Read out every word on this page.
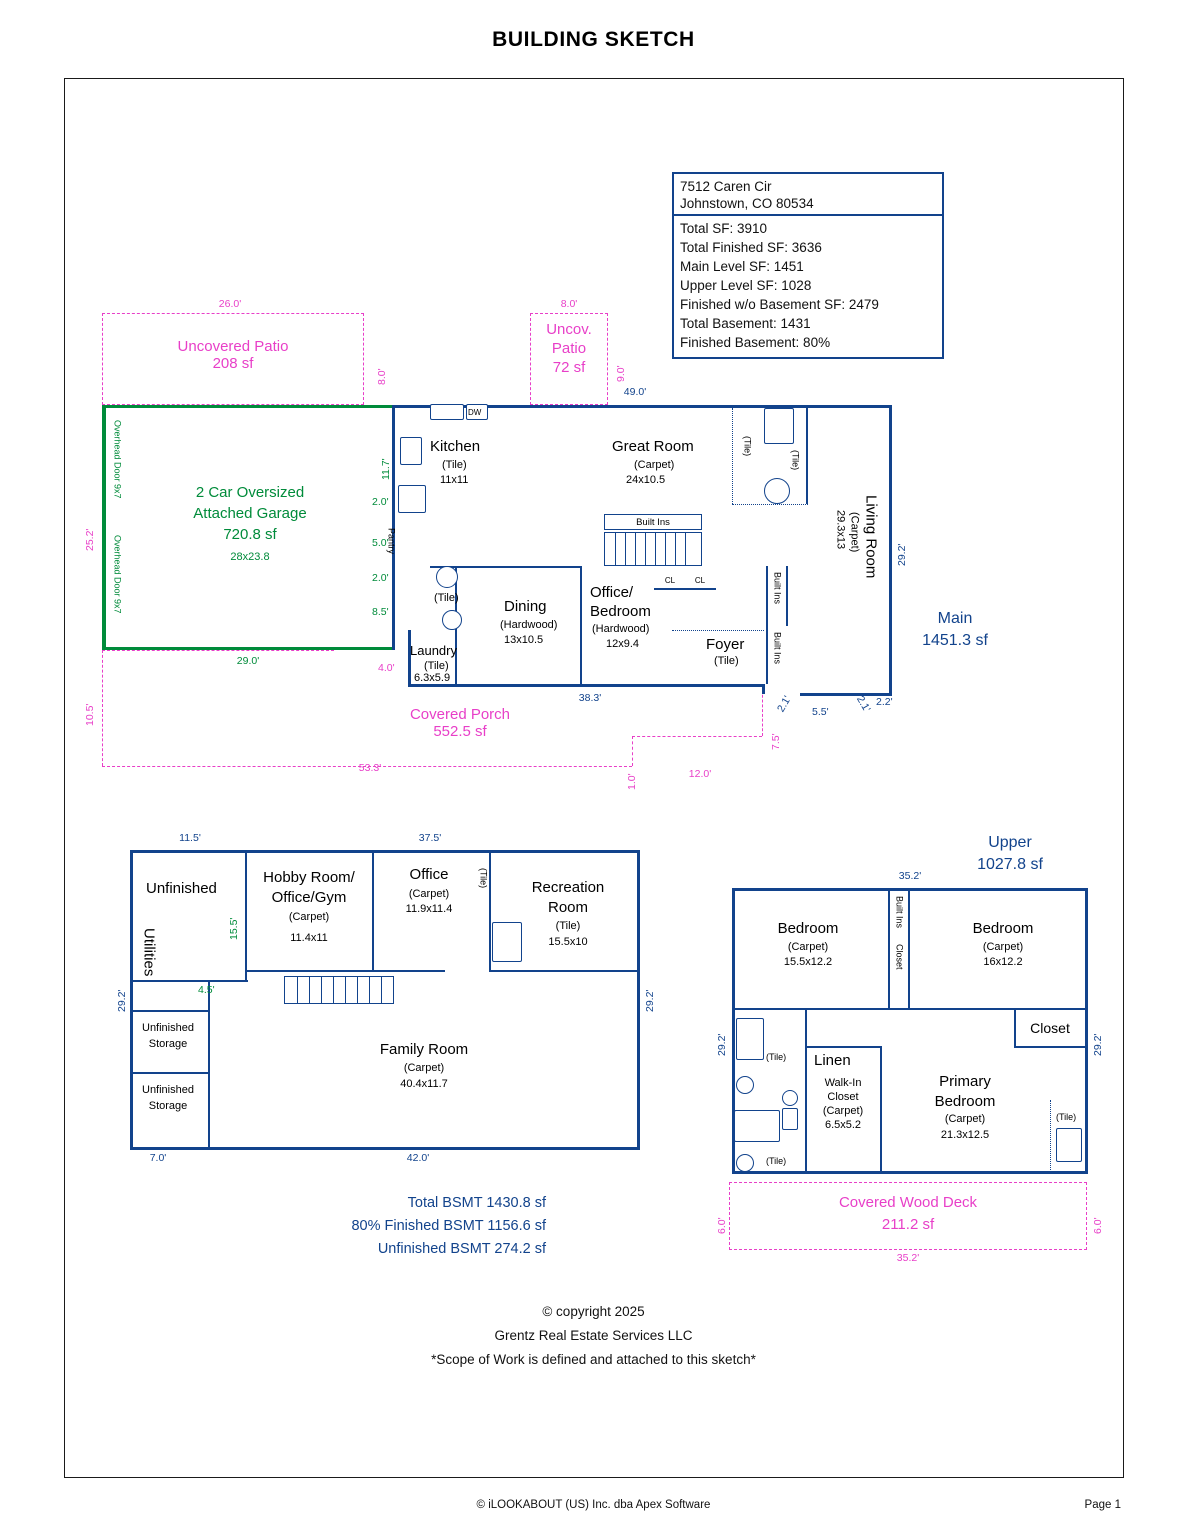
BUILDING SKETCH
7512 Caren Cir
Johnstown, CO 80534
Total SF: 3910
Total Finished SF: 3636
Main Level SF: 1451
Upper Level SF: 1028
Finished w/o Basement SF: 2479
Total Basement: 1431
Finished Basement: 80%
Uncovered Patio
208 sf
26.0'
8.0'
Uncov.
Patio
72 sf
8.0'
9.0'
Covered Porch
552.5 sf
53.3'	12.0'
1.0'
10.5'
7.5'
2 Car Oversized
Attached Garage
720.8 sf
28x23.8
Overhead Door 9x7
Overhead Door 9x7
25.2'
29.0'
DW
Kitchen
(Tile)
11x11
Pantry
11.7'
2.0'
5.0'
2.0'
8.5'
4.0'
49.0'
29.2'
38.3'	2.1' 5.5' 2.1' 2.2'
Great Room
(Carpet)
24x10.5
Living Room
(Carpet)
29.3x13
(Tile)
(Tile)
Built Ins
CL	CL
Dining
(Hardwood)
13x10.5
Office/
Bedroom
(Hardwood)
12x9.4	Foyer
(Tile)
Built Ins
Built Ins
(Tile)
Laundry
(Tile)
6.3x5.9
Main
1451.3 sf
Unfinished
Utilities
Unfinished
Storage
Unfinished
Storage
Hobby Room/
Office/Gym
(Carpet)
11.4x11
Office
(Carpet)
11.9x11.4
Recreation
Room
(Tile)
15.5x10
(Tile)
Family Room
(Carpet)
40.4x11.7
11.5'	37.5'
29.2'
15.5'
4.5'	29.2'
7.0'	42.0'
Total BSMT 1430.8 sf
80% Finished BSMT 1156.6 sf
Unfinished BSMT 274.2 sf
Upper
1027.8 sf
Built Ins
Closet
Bedroom
(Carpet)
15.5x12.2
Bedroom
(Carpet)
16x12.2
Closet
(Tile)
(Tile)
Linen
Walk-In
Closet
(Carpet)
6.5x5.2
Primary
Bedroom
(Carpet)
21.3x12.5
(Tile)
35.2'
29.2'	29.2'
Covered Wood Deck
211.2 sf
6.0'	6.0'
35.2'
© copyright 2025
Grentz Real Estate Services LLC
*Scope of Work is defined and attached to this sketch*
© iLOOKABOUT (US) Inc. dba Apex Software	Page 1
